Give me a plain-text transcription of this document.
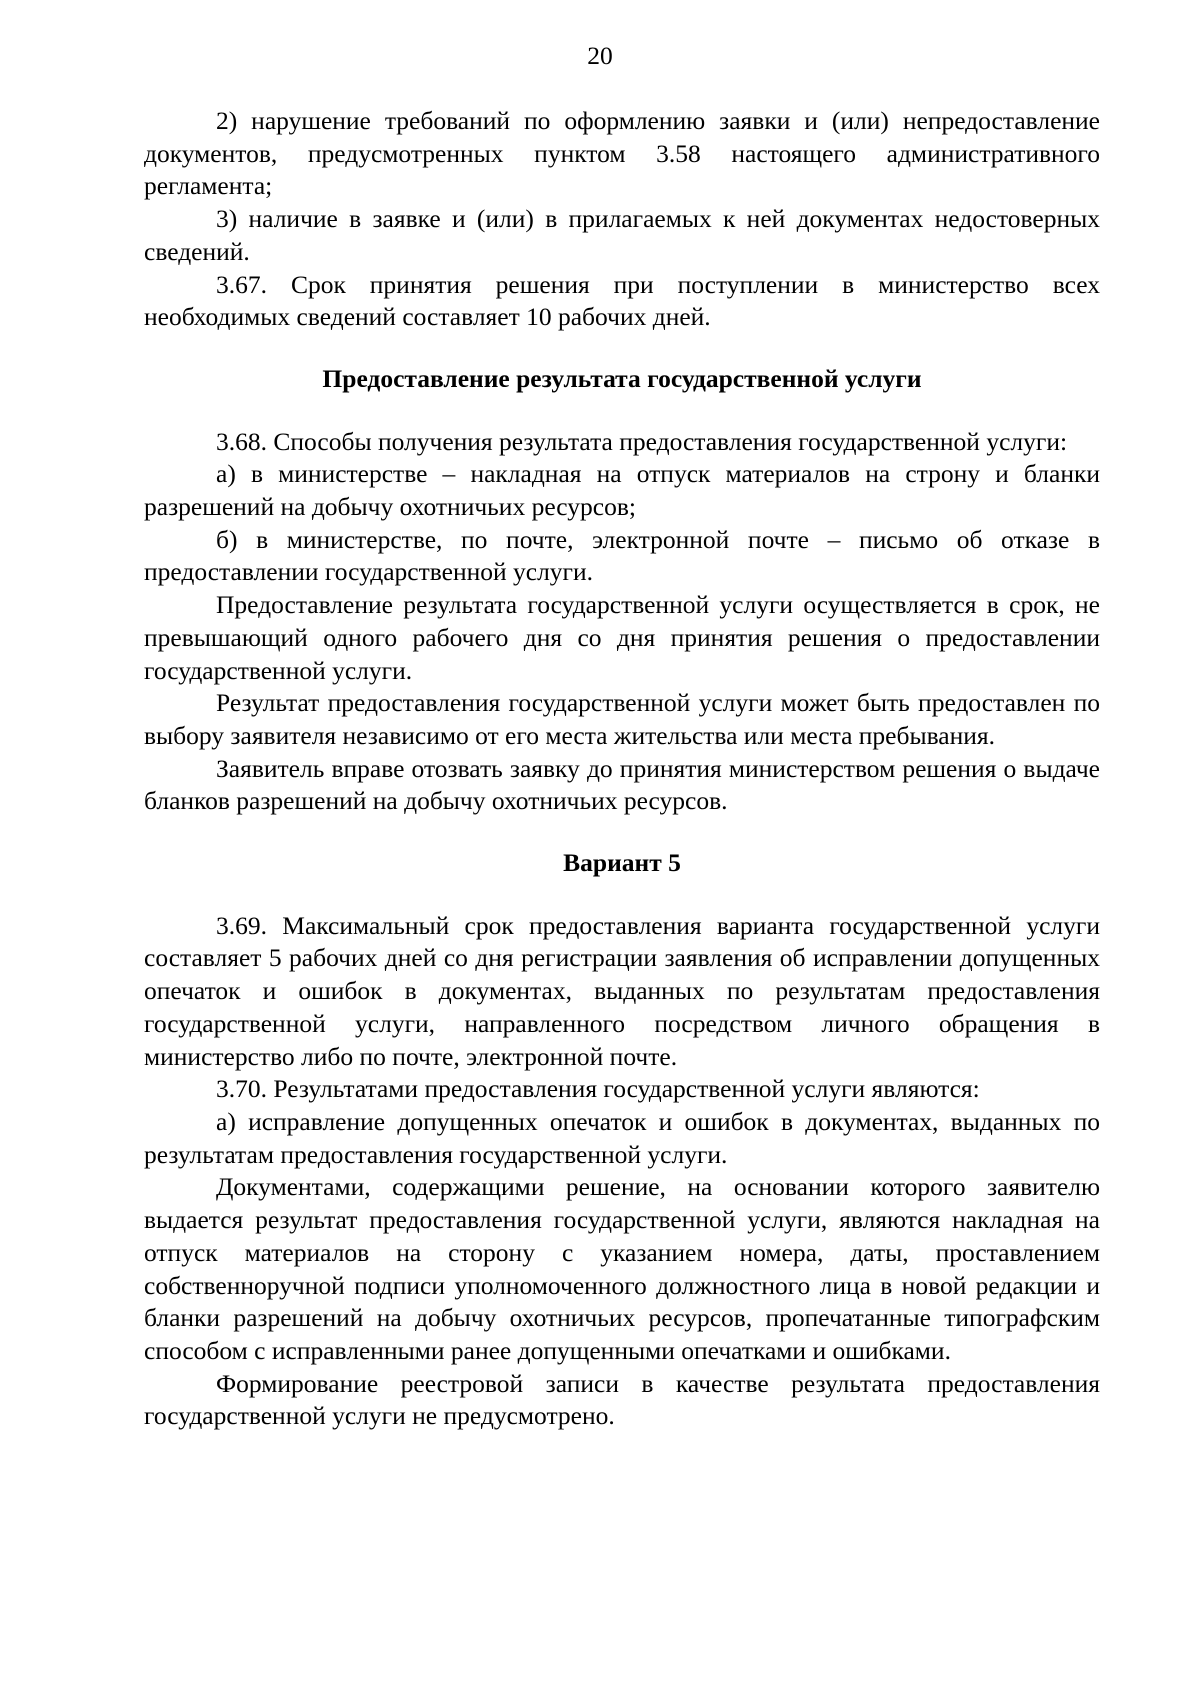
20

2) нарушение требований по оформлению заявки и (или) непредоставление документов, предусмотренных пунктом 3.58 настоящего административного регламента;

3) наличие в заявке и (или) в прилагаемых к ней документах недостоверных сведений.

3.67. Срок принятия решения при поступлении в министерство всех необходимых сведений составляет 10 рабочих дней.

Предоставление результата государственной услуги

3.68. Способы получения результата предоставления государственной услуги:

а) в министерстве – накладная на отпуск материалов на строну и бланки разрешений на добычу охотничьих ресурсов;

б) в министерстве, по почте, электронной почте – письмо об отказе в предоставлении государственной услуги.

Предоставление результата государственной услуги осуществляется в срок, не превышающий одного рабочего дня со дня принятия решения о предоставлении государственной услуги.

Результат предоставления государственной услуги может быть предоставлен по выбору заявителя независимо от его места жительства или места пребывания.

Заявитель вправе отозвать заявку до принятия министерством решения о выдаче бланков разрешений на добычу охотничьих ресурсов.

Вариант 5

3.69. Максимальный срок предоставления варианта государственной услуги составляет 5 рабочих дней со дня регистрации заявления об исправлении допущенных опечаток и ошибок в документах, выданных по результатам предоставления государственной услуги, направленного посредством личного обращения в министерство либо по почте, электронной почте.

3.70. Результатами предоставления государственной услуги являются:

а) исправление допущенных опечаток и ошибок в документах, выданных по результатам предоставления государственной услуги.

Документами, содержащими решение, на основании которого заявителю выдается результат предоставления государственной услуги, являются накладная на отпуск материалов на сторону с указанием номера, даты, проставлением собственноручной подписи уполномоченного должностного лица в новой редакции и бланки разрешений на добычу охотничьих ресурсов, пропечатанные типографским способом с исправленными ранее допущенными опечатками и ошибками.

Формирование реестровой записи в качестве результата предоставления государственной услуги не предусмотрено.
